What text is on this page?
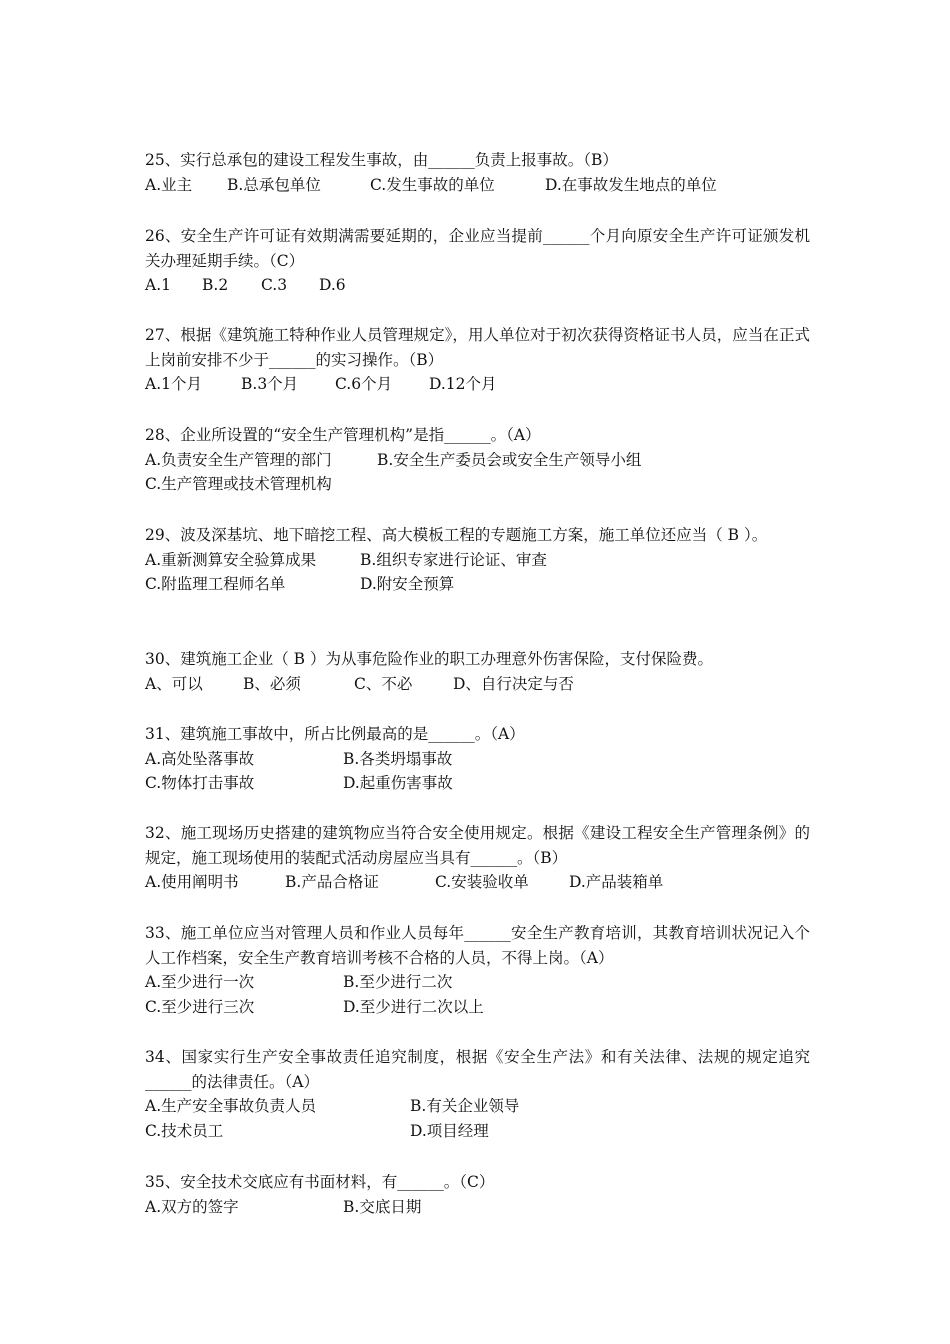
25、实行总承包的建设工程发生事故，由______负责上报事故。（B）

A.业主 B.总承包单位	C.发生事故的单位	D.在事故发生地点的单位

26、安全生产许可证有效期满需要延期的，企业应当提前______个月向原安全生产许可证颁发机关办理延期手续。（C）

A.1 B.2 C.3 D.6

27、根据《建筑施工特种作业人员管理规定》，用人单位对于初次获得资格证书人员，应当在正式上岗前安排不少于______的实习操作。（B）

A.1个月	B.3个月 C.6个月 D.12个月

28、企业所设置的“安全生产管理机构”是指______。（A）

A.负责安全生产管理的部门	B.安全生产委员会或安全生产领导小组
C.生产管理或技术管理机构

29、波及深基坑、地下暗挖工程、高大模板工程的专题施工方案，施工单位还应当（ B ）。

A.重新测算安全验算成果	B.组织专家进行论证、审查
C.附监理工程师名单	D.附安全预算

30、建筑施工企业（ B ）为从事危险作业的职工办理意外伤害保险，支付保险费。

A、可以	B、必须	C、不必	D、自行决定与否

31、建筑施工事故中，所占比例最高的是______。（A）

A.高处坠落事故	B.各类坍塌事故
C.物体打击事故	D.起重伤害事故

32、施工现场历史搭建的建筑物应当符合安全使用规定。根据《建设工程安全生产管理条例》的规定，施工现场使用的装配式活动房屋应当具有______。（B）

A.使用阐明书	B.产品合格证	C.安装验收单	D.产品装箱单

33、施工单位应当对管理人员和作业人员每年______安全生产教育培训，其教育培训状况记入个人工作档案，安全生产教育培训考核不合格的人员，不得上岗。（A）

A.至少进行一次	B.至少进行二次
C.至少进行三次	D.至少进行二次以上

34、国家实行生产安全事故责任追究制度，根据《安全生产法》和有关法律、法规的规定追究______的法律责任。（A）

A.生产安全事故负责人员	B.有关企业领导
C.技术员工	D.项目经理

35、安全技术交底应有书面材料，有______。（C）

A.双方的签字	B.交底日期
